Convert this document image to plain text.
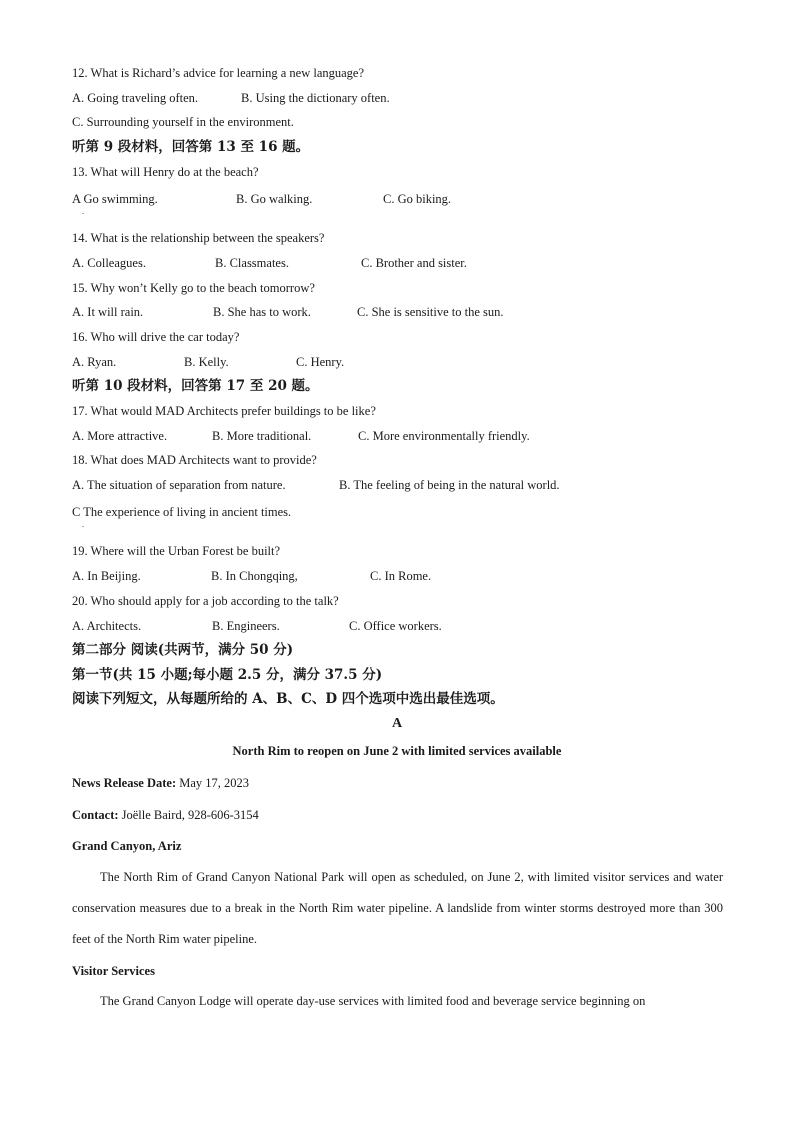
12. What is Richard’s advice for learning a new language?
A. Going traveling often.	B. Using the dictionary often.
C. Surrounding yourself in the environment.
听第 9 段材料，回答第 13 至 16 题。
13. What will Henry do at the beach?
A Go swimming.	B. Go walking.	C. Go biking.
.
14. What is the relationship between the speakers?
A. Colleagues.	B. Classmates.	C. Brother and sister.
15. Why won’t Kelly go to the beach tomorrow?
A. It will rain.	B. She has to work.	C. She is sensitive to the sun.
16. Who will drive the car today?
A. Ryan.	B. Kelly.	C. Henry.
听第 10 段材料，回答第 17 至 20 题。
17. What would MAD Architects prefer buildings to be like?
A. More attractive.	B. More traditional.	C. More environmentally friendly.
18. What does MAD Architects want to provide?
A. The situation of separation from nature.	B. The feeling of being in the natural world.
C The experience of living in ancient times.
.
19. Where will the Urban Forest be built?
A. In Beijing.	B. In Chongqing,	C. In Rome.
20. Who should apply for a job according to the talk?
A. Architects.	B. Engineers.	C. Office workers.
第二部分 阅读(共两节，满分 50 分)
第一节(共 15 小题;每小题 2.5 分，满分 37.5 分)
阅读下列短文，从每题所给的 A、B、C、D 四个选项中选出最佳选项。
A
North Rim to reopen on June 2 with limited services available
News Release Date: May 17, 2023
Contact: Joëlle Baird, 928-606-3154
Grand Canyon, Ariz
The North Rim of Grand Canyon National Park will open as scheduled, on June 2, with limited visitor services and water conservation measures due to a break in the North Rim water pipeline. A landslide from winter storms destroyed more than 300 feet of the North Rim water pipeline.
Visitor Services
The Grand Canyon Lodge will operate day-use services with limited food and beverage service beginning on
